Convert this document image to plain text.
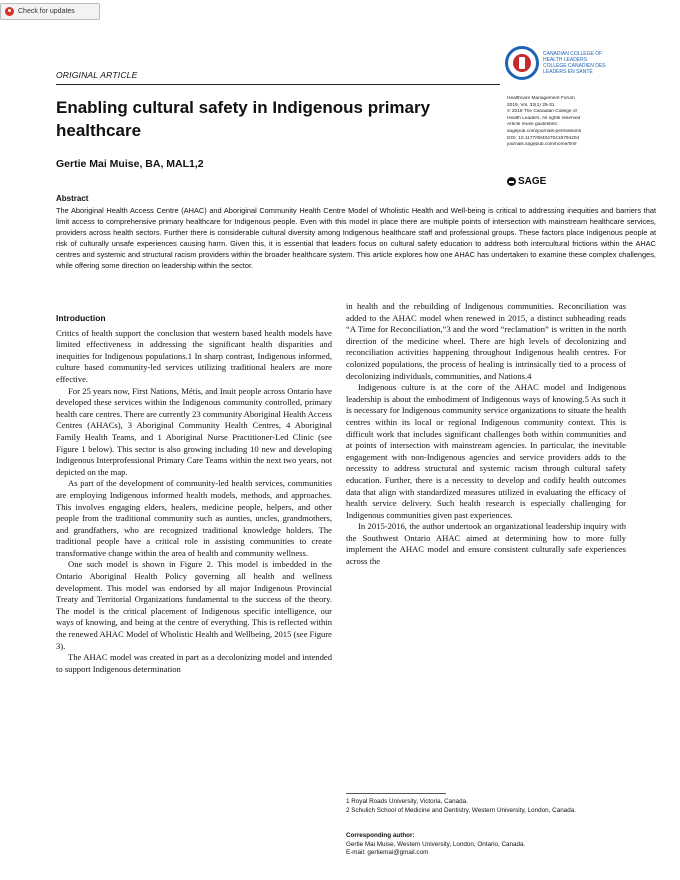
Check for updates
CANADIAN COLLEGE OF
HEALTH LEADERS
COLLÈGE CANADIEN DES
LEADERS EN SANTÉ
ORIGINAL ARTICLE
Enabling cultural safety in Indigenous primary healthcare
Gertie Mai Muise, BA, MAL1,2
Healthcare Management Forum
2019, Vol. 32(1) 25-31
© 2018 The Canadian College of
Health Leaders. All rights reserved
Article reuse guidelines:
sagepub.com/journals-permissions
DOI: 10.1177/0840470418794204
journals.sagepub.com/home/hmf
SAGE
Abstract
The Aboriginal Health Access Centre (AHAC) and Aboriginal Community Health Centre Model of Wholistic Health and Well-being is critical to addressing inequities and barriers that limit access to comprehensive primary healthcare for Indigenous people. Even with this model in place there are multiple points of intersection with mainstream healthcare services, providers across health sectors. Further there is considerable cultural diversity among Indigenous healthcare staff and professional groups. These factors place Indigenous people at risk of culturally unsafe experiences causing harm. Given this, it is essential that leaders focus on cultural safety education to address both intercultural frictions within the AHAC centres and systemic and structural racism providers within the broader healthcare system. This article explores how one AHAC has undertaken to examine these complex challenges, while offering some direction on leadership within the sector.

Introduction

Critics of health support the conclusion that western based health models have limited effectiveness in addressing the significant health disparities and inequities for Indigenous populations.1 In sharp contrast, Indigenous informed, culture based community-led services utilizing traditional healers are more effective.

For 25 years now, First Nations, Métis, and Inuit people across Ontario have developed these services within the Indigenous community controlled, primary health care centres. There are currently 23 community Aboriginal Health Access Centres (AHACs), 3 Aboriginal Community Health Centres, 4 Aboriginal Family Health Teams, and 1 Aboriginal Nurse Practitioner-Led Clinic (see Figure 1 below). This sector is also growing including 10 new and developing Indigenous Interprofessional Primary Care Teams within the next two years, not depicted on the map.

As part of the development of community-led health services, communities are employing Indigenous informed health models, methods, and approaches. This involves engaging elders, healers, medicine people, helpers, and other people from the traditional community such as aunties, uncles, grandmothers, and grandfathers, who are recognized traditional knowledge holders. The traditional people have a critical role in assisting communities to create transformative change within the area of health and community wellness.

One such model is shown in Figure 2. This model is imbedded in the Ontario Aboriginal Health Policy governing all health and wellness development. This model was endorsed by all major Indigenous Provincial Treaty and Territorial Organizations fundamental to the success of the theory. The model is the critical placement of Indigenous specific intelligence, our ways of knowing, and being at the centre of everything. This is reflected within the renewed AHAC Model of Wholistic Health and Wellbeing, 2015 (see Figure 3).

The AHAC model was created in part as a decolonizing model and intended to support Indigenous determination

in health and the rebuilding of Indigenous communities. Reconciliation was added to the AHAC model when renewed in 2015, a distinct subheading reads “A Time for Reconciliation,”3 and the word “reclamation” is written in the north direction of the medicine wheel. There are high levels of decolonizing and reconciliation activities happening throughout Indigenous health centres. For colonized populations, the process of healing is intrinsically tied to a process of decolonizing individuals, communities, and Nations.4

Indigenous culture is at the core of the AHAC model and Indigenous leadership is about the embodiment of Indigenous ways of knowing.5 As such it is necessary for Indigenous community service organizations to situate the health centres within its local or regional Indigenous community context. This is difficult work that includes significant challenges both within communities and at points of intersection with mainstream agencies. In particular, the inevitable engagement with non-Indigenous agencies and service providers adds to the necessity to address structural and systemic racism through cultural safety education. Further, there is a necessity to develop and codify health outcomes data that align with standardized measures utilized in evaluating the efficacy of health service delivery. Such health research is especially challenging for Indigenous communities given past experiences.

In 2015-2016, the author undertook an organizational leadership inquiry with the Southwest Ontario AHAC aimed at determining how to more fully implement the AHAC model and ensure consistent culturally safe experiences across the

1 Royal Roads University, Victoria, Canada.

2 Schulich School of Medicine and Dentistry, Western University, London, Canada.

Corresponding author:
Gertie Mai Muise, Western University, London, Ontario, Canada.
E-mail: gertiemai@gmail.com
